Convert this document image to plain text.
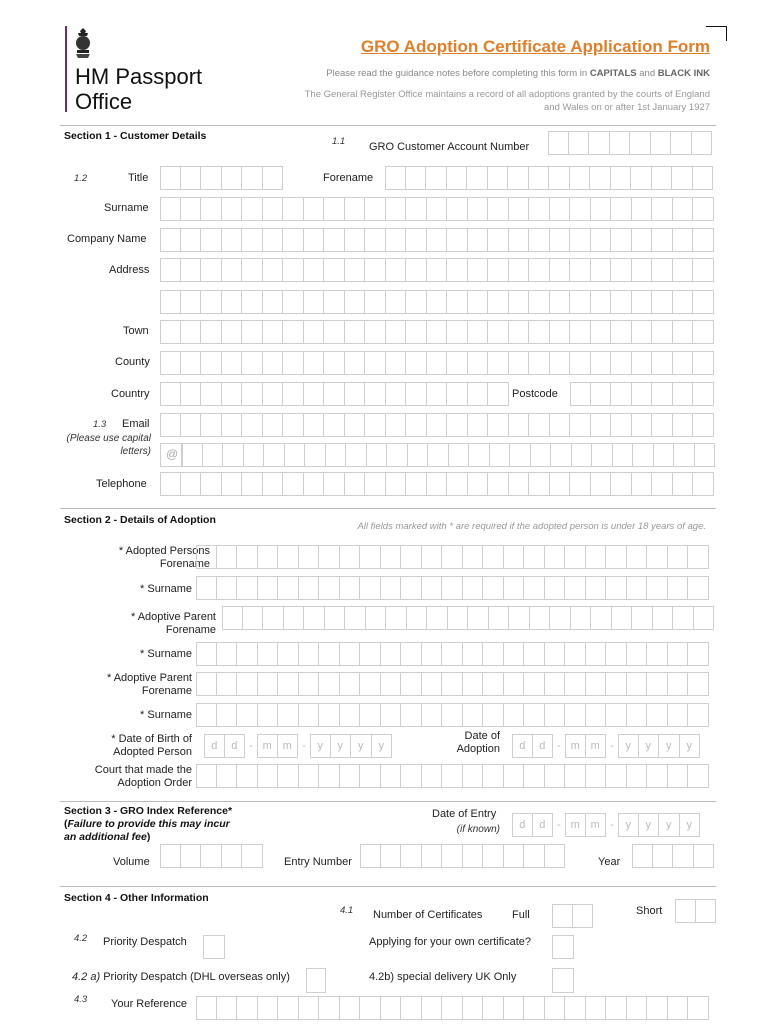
HM Passport
Office
GRO Adoption Certificate Application Form
Please read the guidance notes before completing this form in CAPITALS and BLACK INK
The General Register Office maintains a record of all adoptions granted by the courts of England and Wales on or after 1st January 1927
Section 1 - Customer Details	1.1 GRO Customer Account Number
1.2	Title	Forename
Surname
Company Name
Address
Town
County
Country	Postcode
1.3 Email
(Please use capital letters) @
Telephone
Section 2 - Details of Adoption
All fields marked with * are required if the adopted person is under 18 years of age.
* Adopted Persons Forename
* Surname
* Adoptive Parent Forename
* Surname
* Adoptive Parent Forename
* Surname
* Date of Birth of Adopted Person	d	d	- m m -	y	y	y	y
Date of Adoption	d	d	- m m -	y	y	y	y
Court that made the Adoption Order
Section 3 - GRO Index Reference* (Failure to provide this may incur an additional fee)
Date of Entry
(if known)	d	d	- m m -	y	y	y	y
Volume	Entry Number	Year
Section 4 - Other Information
4.1 Number of Certificates	Full	Short
4.2 Priority Despatch	Applying for your own certificate?
4.2 a) Priority Despatch (DHL overseas only)	4.2b) special delivery UK Only
4.3 Your Reference
